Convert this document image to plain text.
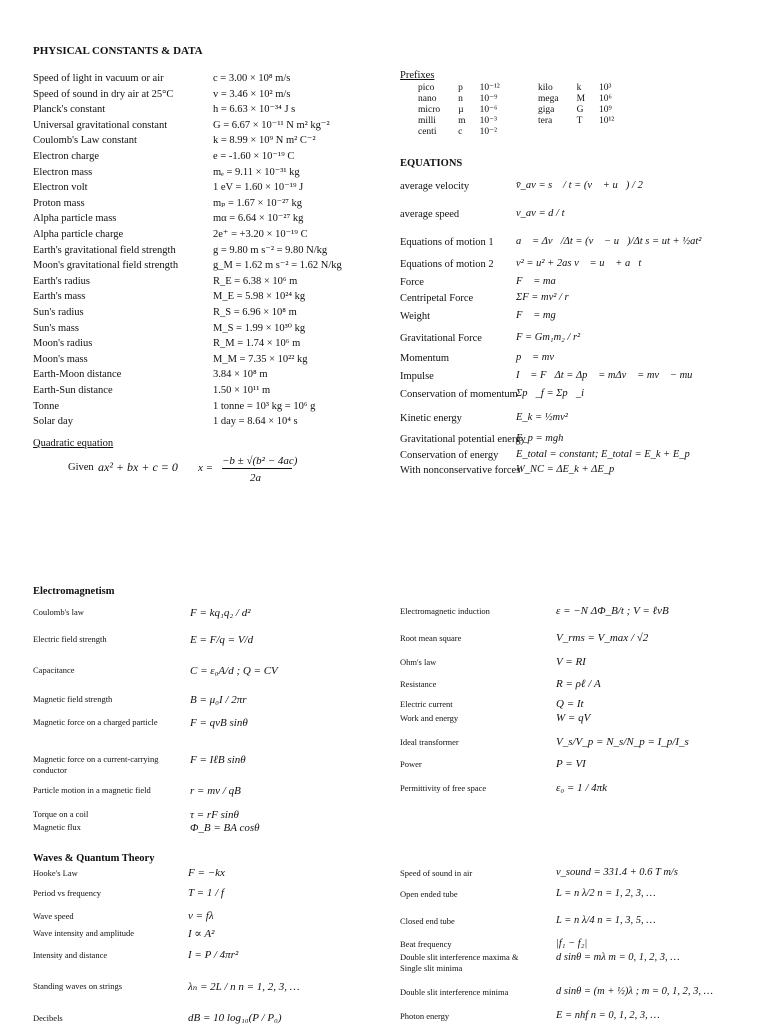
PHYSICAL CONSTANTS & DATA
Speed of light in vacuum or air	c = 3.00 × 10⁸ m/s
Speed of sound in dry air at 25°C	v = 3.46 × 10² m/s
Planck's constant	h = 6.63 × 10⁻³⁴ J s
Universal gravitational constant	G = 6.67 × 10⁻¹¹ N m² kg⁻²
Coulomb's Law constant	k = 8.99 × 10⁹ N m² C⁻²
Electron charge	e = -1.60 × 10⁻¹⁹ C
Electron mass	mₑ = 9.11 × 10⁻³¹ kg
Electron volt	1 eV = 1.60 × 10⁻¹⁹ J
Proton mass	mₚ = 1.67 × 10⁻²⁷ kg
Alpha particle mass	mα = 6.64 × 10⁻²⁷ kg
Alpha particle charge	2e⁺ = +3.20 × 10⁻¹⁹ C
Earth's gravitational field strength	g = 9.80 m s⁻² = 9.80 N/kg
Moon's gravitational field strength	g_M = 1.62 m s⁻² = 1.62 N/kg
Earth's radius	R_E = 6.38 × 10⁶ m
Earth's mass	M_E = 5.98 × 10²⁴ kg
Sun's radius	R_S = 6.96 × 10⁸ m
Sun's mass	M_S = 1.99 × 10³⁰ kg
Moon's radius	R_M = 1.74 × 10⁶ m
Moon's mass	M_M = 7.35 × 10²² kg
Earth-Moon distance	3.84 × 10⁸ m
Earth-Sun distance	1.50 × 10¹¹ m
Tonne	1 tonne = 10³ kg = 10⁶ g
Solar day	1 day = 8.64 × 10⁴ s
Quadratic equation
Given ax² + bx + c = 0 x =
−b ± √(b² − 4ac)
2a
Prefixes
pico	p	10⁻¹²
nano	n	10⁻⁹
micro	µ	10⁻⁶
milli	m	10⁻³
centi	c	10⁻²
kilo	k	10³
mega	M	10⁶
giga	G	10⁹
tera	T	10¹²
EQUATIONS
average velocity	v̄_av = s⃗ / t = (v⃗ + u⃗) / 2
average speed	v_av = d / t
Equations of motion 1 a⃗ = Δv⃗/Δt = (v⃗ − u⃗)/Δt s = ut + ½at²
Equations of motion 2 v² = u² + 2as v⃗ = u⃗ + a⃗t
Force	F⃗ = ma⃗
Centripetal Force	ΣF = mv² / r
Weight	F⃗ = mg⃗
Gravitational Force	F = Gm₁m₂ / r²
Momentum	p⃗ = mv⃗
Impulse	I⃗ = F⃗Δt = Δp⃗ = mΔv⃗ = mv⃗ − mu⃗
Conservation of momentum
Σp⃗_f = Σp⃗_i
Kinetic energy	E_k = ½mv²
Gravitational potential energy
E_p = mgh
Conservation of energy E_total = constant; E_total = E_k + E_p
With nonconservative forces
W_NC = ΔE_k + ΔE_p
Electromagnetism
Coulomb's law	F = kq₁q₂ / d²
Electric field strength	E = F/q = V/d
Capacitance	C = ε₀A/d ; Q = CV
Magnetic field strength	B = μ₀I / 2πr
Magnetic force on a charged particle	F = qvB sinθ
Magnetic force on a current-carrying conductor
F = IℓB sinθ
Particle motion in a magnetic field	r = mv / qB
Torque on a coil	τ = rF sinθ
Magnetic flux	Φ_B = BA cosθ
Electromagnetic induction	ε = −N ΔΦ_B/t ; V = ℓvB
Root mean square	V_rms = V_max / √2
Ohm's law	V = RI
Resistance	R = ρℓ / A
Electric current	Q = It
Work and energy	W = qV
Ideal transformer	V_s/V_p = N_s/N_p = I_p/I_s
Power	P = VI
Permittivity of free space	ε₀ = 1 / 4πk
Waves & Quantum Theory
Hooke's Law	F = −kx
Period vs frequency	T = 1 / f
Wave speed	v = fλ
Wave intensity and amplitude	I ∝ A²
Intensity and distance	I = P / 4πr²
Standing waves on strings	λₙ = 2L / n n = 1, 2, 3, …
Decibels	dB = 10 log₁₀(P / P₀)
Speed of sound in air	v_sound = 331.4 + 0.6 T m/s
Open ended tube	L = n λ/2 n = 1, 2, 3, …
Closed end tube	L = n λ/4 n = 1, 3, 5, …
Beat frequency	|f₁ − f₂|
Double slit interference maxima & Single slit minima
d sinθ = mλ m = 0, 1, 2, 3, …
Double slit interference minima	d sinθ = (m + ½)λ ; m = 0, 1, 2, 3, …
Photon energy	E = nhf n = 0, 1, 2, 3, …
